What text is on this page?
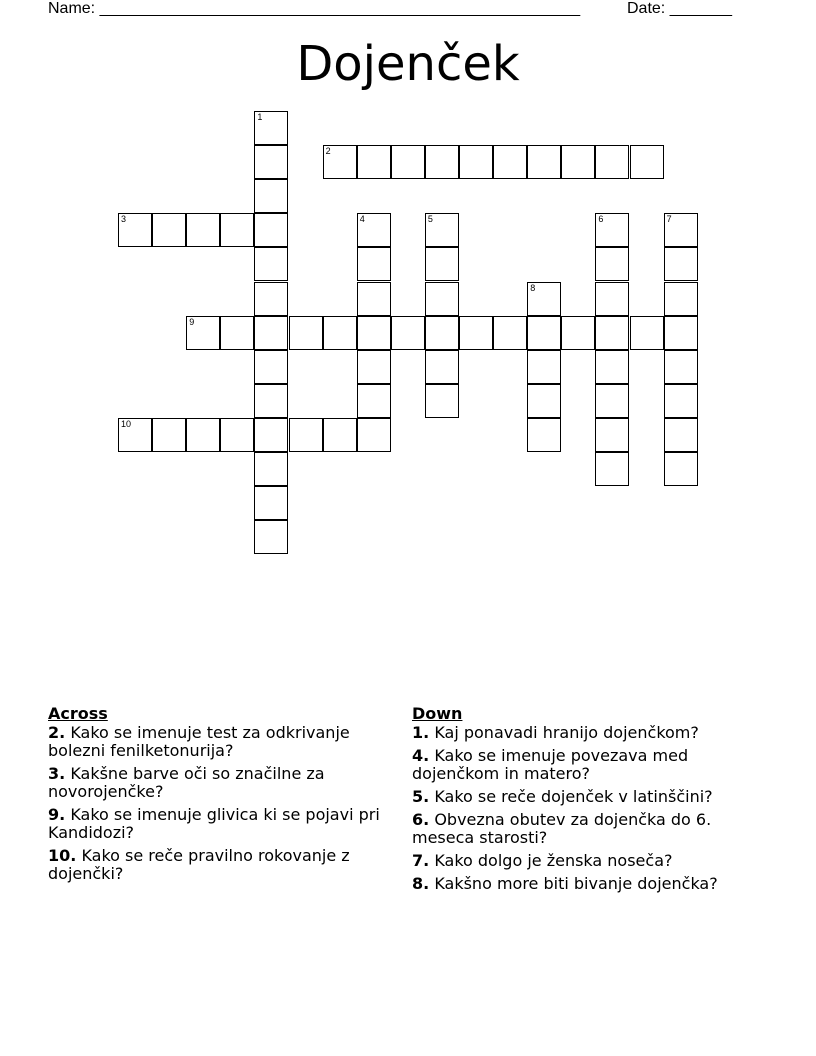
Name: ______________________________________________________	Date: _______
Dojenček
1
2
3	4	5	6	7
8
9
10
Across
2. Kako se imenuje test za odkrivanje bolezni fenilketonurija?
3. Kakšne barve oči so značilne za novorojenčke?
9. Kako se imenuje glivica ki se pojavi pri Kandidozi?
10. Kako se reče pravilno rokovanje z dojenčki?
Down
1. Kaj ponavadi hranijo dojenčkom?
4. Kako se imenuje povezava med dojenčkom in matero?
5. Kako se reče dojenček v latinščini?
6. Obvezna obutev za dojenčka do 6. meseca starosti?
7. Kako dolgo je ženska noseča?
8. Kakšno more biti bivanje dojenčka?
